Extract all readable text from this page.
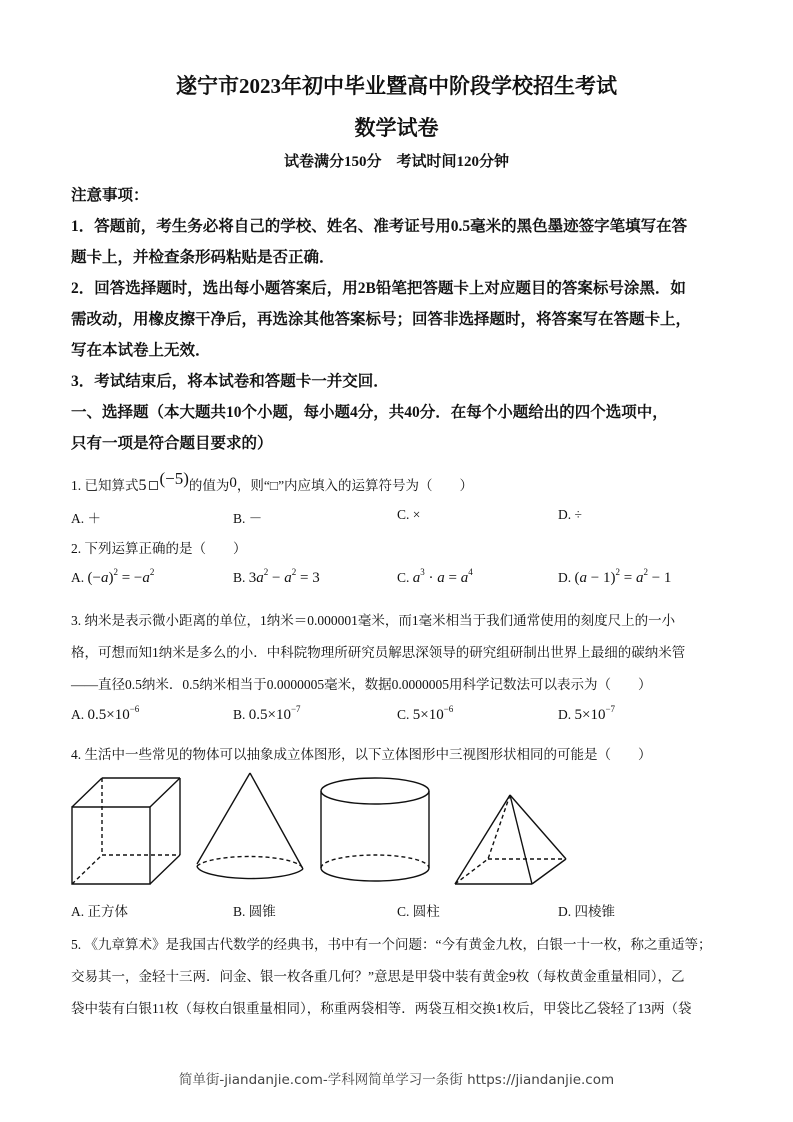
遂宁市2023年初中毕业暨高中阶段学校招生考试
数学试卷
试卷满分150分　考试时间120分钟
注意事项：
1．答题前，考生务必将自己的学校、姓名、准考证号用0.5毫米的黑色墨迹签字笔填写在答
题卡上，并检查条形码粘贴是否正确．
2．回答选择题时，选出每小题答案后，用2B铅笔把答题卡上对应题目的答案标号涂黑．如
需改动，用橡皮擦干净后，再选涂其他答案标号；回答非选择题时，将答案写在答题卡上，
写在本试卷上无效．
3．考试结束后，将本试卷和答题卡一并交回．
一、选择题（本大题共10个小题，每小题4分，共40分．在每个小题给出的四个选项中，
只有一项是符合题目要求的）
1. 已知算式5 (−5)的值为0，则“□”内应填入的运算符号为（　　）
A. ＋	B. －	C. ×	D. ÷
2. 下列运算正确的是（　　）
A. $(-a)^2 = -a^2$	B. $3a^2 - a^2 = 3$	C. $a^3 \cdot a = a^4$	D. $(a - 1)^2 = a^2 - 1$
3. 纳米是表示微小距离的单位，1纳米＝0.000001毫米，而1毫米相当于我们通常使用的刻度尺上的一小
格，可想而知1纳米是多么的小．中科院物理所研究员解思深领导的研究组研制出世界上最细的碳纳米管
——直径0.5纳米．0.5纳米相当于0.0000005毫米，数据0.0000005用科学记数法可以表示为（　　）
A. $0.5\times 10^{-6}$	B. $0.5\times 10^{-7}$	C. $5\times 10^{-6}$	D. $5\times 10^{-7}$
4. 生活中一些常见的物体可以抽象成立体图形，以下立体图形中三视图形状相同的可能是（　　）
A. 正方体	B. 圆锥	C. 圆柱	D. 四棱锥
5. 《九章算术》是我国古代数学的经典书，书中有一个问题：“今有黄金九枚，白银一十一枚，称之重适等；
交易其一，金轻十三两．问金、银一枚各重几何？”意思是甲袋中装有黄金9枚（每枚黄金重量相同），乙
袋中装有白银11枚（每枚白银重量相同），称重两袋相等．两袋互相交换1枚后，甲袋比乙袋轻了13两（袋
简单街-jiandanjie.com-学科网简单学习一条街 https://jiandanjie.com
